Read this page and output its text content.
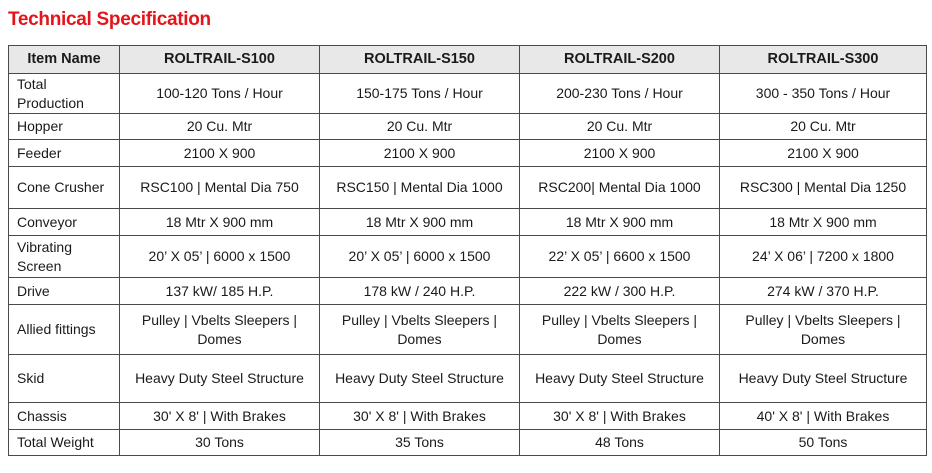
Technical Specification
Item Name	ROLTRAIL-S100	ROLTRAIL-S150	ROLTRAIL-S200	ROLTRAIL-S300
Total Production	100-120 Tons / Hour	150-175 Tons / Hour	200-230 Tons / Hour	300 - 350 Tons / Hour
Hopper	20 Cu. Mtr	20 Cu. Mtr	20 Cu. Mtr	20 Cu. Mtr
Feeder	2100 X 900	2100 X 900	2100 X 900	2100 X 900
Cone Crusher	RSC100 | Mental Dia 750	RSC150 | Mental Dia 1000	RSC200| Mental Dia 1000	RSC300 | Mental Dia 1250
Conveyor	18 Mtr X 900 mm	18 Mtr X 900 mm	18 Mtr X 900 mm	18 Mtr X 900 mm
Vibrating Screen	20’ X 05’ | 6000 x 1500	20’ X 05’ | 6000 x 1500	22’ X 05’ | 6600 x 1500	24’ X 06’ | 7200 x 1800
Drive	137 kW/ 185 H.P.	178 kW / 240 H.P.	222 kW / 300 H.P.	274 kW / 370 H.P.
Allied fittings	Pulley | Vbelts Sleepers | Domes	Pulley | Vbelts Sleepers | Domes	Pulley | Vbelts Sleepers | Domes	Pulley | Vbelts Sleepers | Domes
Skid	Heavy Duty Steel Structure	Heavy Duty Steel Structure	Heavy Duty Steel Structure	Heavy Duty Steel Structure
Chassis	30' X 8' | With Brakes	30' X 8' | With Brakes	30' X 8' | With Brakes	40' X 8' | With Brakes
Total Weight	30 Tons	35 Tons	48 Tons	50 Tons
